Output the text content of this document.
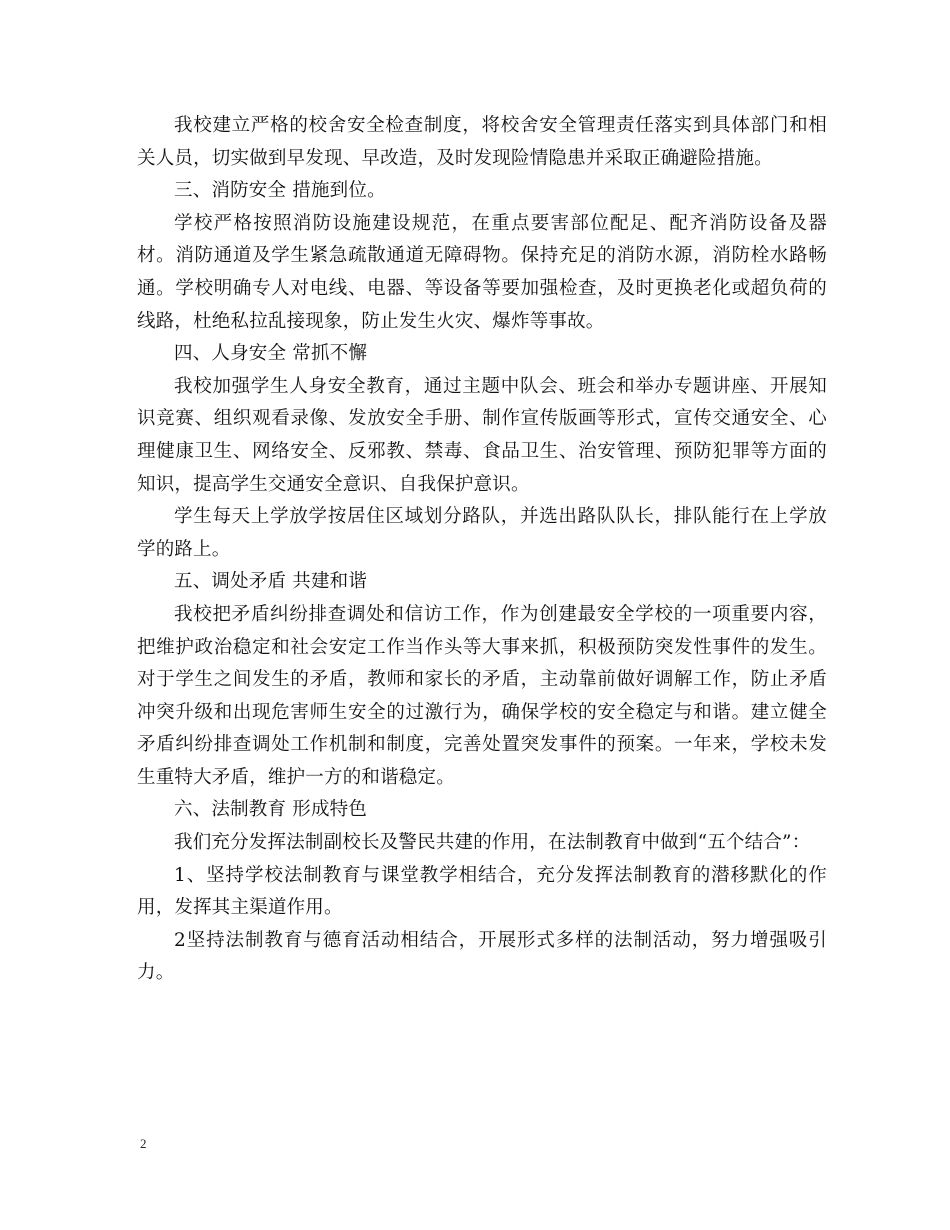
我校建立严格的校舍安全检查制度，将校舍安全管理责任落实到具体部门和相关人员，切实做到早发现、早改造，及时发现险情隐患并采取正确避险措施。

三、消防安全 措施到位。

学校严格按照消防设施建设规范，在重点要害部位配足、配齐消防设备及器材。消防通道及学生紧急疏散通道无障碍物。保持充足的消防水源，消防栓水路畅通。学校明确专人对电线、电器、等设备等要加强检查，及时更换老化或超负荷的线路，杜绝私拉乱接现象，防止发生火灾、爆炸等事故。

四、人身安全 常抓不懈

我校加强学生人身安全教育，通过主题中队会、班会和举办专题讲座、开展知识竞赛、组织观看录像、发放安全手册、制作宣传版画等形式，宣传交通安全、心理健康卫生、网络安全、反邪教、禁毒、食品卫生、治安管理、预防犯罪等方面的知识，提高学生交通安全意识、自我保护意识。

学生每天上学放学按居住区域划分路队，并选出路队队长，排队能行在上学放学的路上。

五、调处矛盾 共建和谐

我校把矛盾纠纷排查调处和信访工作，作为创建最安全学校的一项重要内容，把维护政治稳定和社会安定工作当作头等大事来抓，积极预防突发性事件的发生。对于学生之间发生的矛盾，教师和家长的矛盾，主动靠前做好调解工作，防止矛盾冲突升级和出现危害师生安全的过激行为，确保学校的安全稳定与和谐。建立健全矛盾纠纷排查调处工作机制和制度，完善处置突发事件的预案。一年来，学校未发生重特大矛盾，维护一方的和谐稳定。

六、法制教育 形成特色

我们充分发挥法制副校长及警民共建的作用，在法制教育中做到“五个结合”：

1、坚持学校法制教育与课堂教学相结合，充分发挥法制教育的潜移默化的作用，发挥其主渠道作用。

2坚持法制教育与德育活动相结合，开展形式多样的法制活动，努力增强吸引力。

2
